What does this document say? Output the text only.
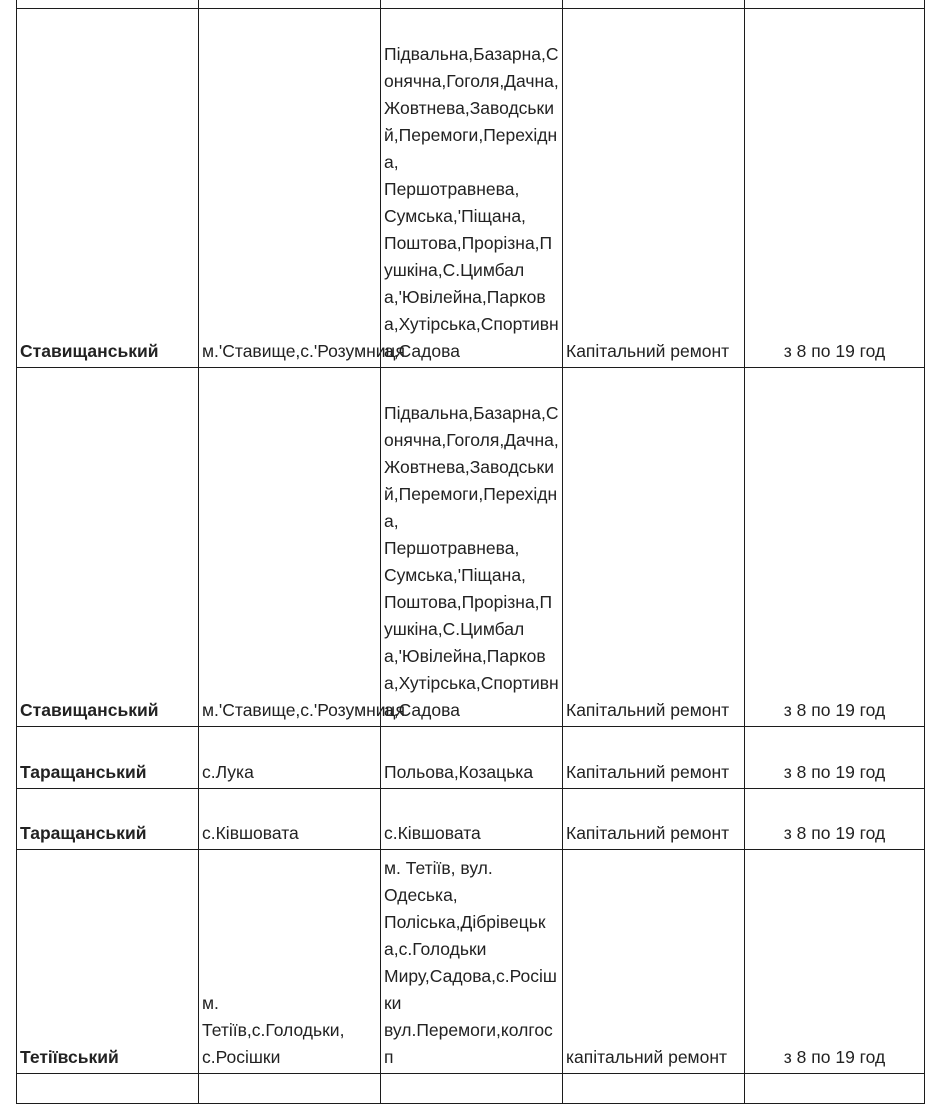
Ставищанський	м.'Ставище,с.'Розумниця	Підвальна,Базарна,Сонячна,Гоголя,Дачна,Жовтнева,Заводський,Перемоги,Перехідна,
Першотравнева,
Сумська,'Піщана,
Поштова,Прорізна,Пушкіна,С.Цимбала,'Ювілейна,Паркова,Хутірська,Спортивна,Садова	Капітальний ремонт	з 8 по 19 год
Ставищанський	м.'Ставище,с.'Розумниця	Підвальна,Базарна,Сонячна,Гоголя,Дачна,Жовтнева,Заводський,Перемоги,Перехідна,
Першотравнева,
Сумська,'Піщана,
Поштова,Прорізна,Пушкіна,С.Цимбала,'Ювілейна,Паркова,Хутірська,Спортивна,Садова	Капітальний ремонт	з 8 по 19 год
Таращанський	с.Лука	Польова,Козацька	Капітальний ремонт	з 8 по 19 год
Таращанський	с.Ківшовата	с.Ківшовата	Капітальний ремонт	з 8 по 19 год
Тетіївський	м.
Тетіїв,с.Голодьки,
с.Росішки	м. Тетіїв, вул.
Одеська,
Поліська,Дібрівецька,с.Голодьки
Миру,Садова,с.Росішки
вул.Перемоги,колгосп	капітальний ремонт	з 8 по 19 год
